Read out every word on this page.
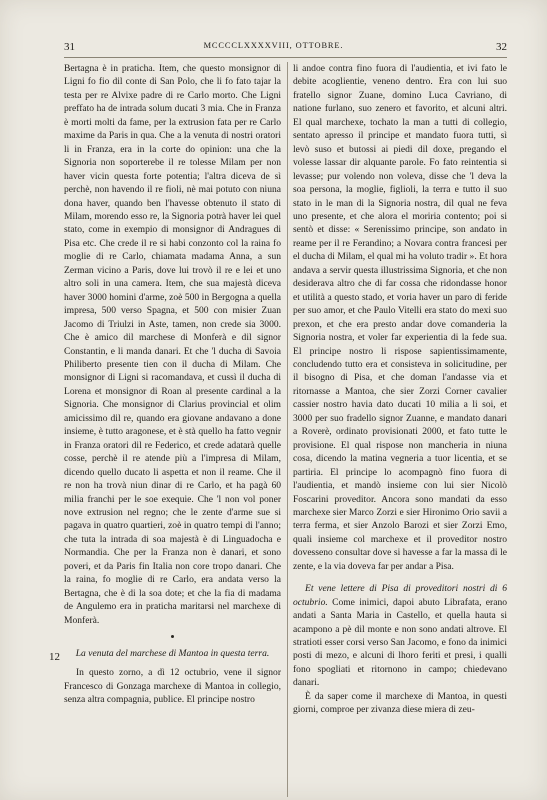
31	MCCCCLXXXXVIII, OTTOBRE.	32

Bertagna è in praticha. Item, che questo monsignor di Ligni fo fio dil conte di San Polo, che li fo fato tajar la testa per re Alvixe padre di re Carlo morto. Che Ligni preffato ha de intrada solum ducati 3 mia. Che in Franza è morti molti da fame, per la extrusion fata per re Carlo maxime da Paris in qua. Che a la venuta di nostri oratori li in Franza, era in la corte do opinion: una che la Signoria non soporterebe il re tolesse Milam per non haver vicin questa forte potentia; l'altra diceva de sì perchè, non havendo il re fioli, nè mai potuto con niuna dona haver, quando ben l'havesse obtenuto il stato di Milam, morendo esso re, la Signoria potrà haver lei quel stato, come in exempio di monsignor di Andragues di Pisa etc. Che crede il re si habi conzonto col la raina fo moglie di re Carlo, chiamata madama Anna, a sun Zerman vicino a Paris, dove lui trovò il re e lei et uno altro soli in una camera. Item, che sua majestà diceva haver 3000 homini d'arme, zoè 500 in Bergogna a quella impresa, 500 verso Spagna, et 500 con misier Zuan Jacomo di Triulzi in Aste, tamen, non crede sia 3000. Che è amico dil marchese di Monferà e dil signor Constantin, e li manda danari. Et che 'l ducha di Savoia Philiberto presente tien con il ducha di Milam. Che monsignor di Ligni si racomandava, et cussì il ducha di Lorena et monsignor di Roan al presente cardinal a la Signoria. Che monsignor di Clarius provincial et olim amicissimo dil re, quando era giovane andavano a done insieme, è tutto aragonese, et è stà quello ha fatto vegnir in Franza oratori dil re Federico, et crede adatarà quelle cosse, perchè il re atende più a l'impresa di Milam, dicendo quello ducato li aspetta et non il reame. Che il re non ha trovà niun dinar di re Carlo, et ha pagà 60 milia franchi per le soe exequie. Che 'l non vol poner nove extrusion nel regno; che le zente d'arme sue si pagava in quatro quartieri, zoè in quatro tempi di l'anno; che tuta la intrada di soa majestà è di Linguadocha e Normandia. Che per la Franza non è danari, et sono poveri, et da Paris fin Italia non core tropo danari. Che la raina, fo moglie di re Carlo, era andata verso la Bertagna, che è di la soa dote; et che la fia di madama de Angulemo era in praticha maritarsi nel marchexe di Monferà.

La venuta del marchese di Mantoa in questa terra.

In questo zorno, a dì 12 octubrio, vene il signor Francesco di Gonzaga marchexe di Mantoa in collegio, senza altra compagnia, publice. El principe nostro

12

li andoe contra fino fuora di l'audientia, et ivi fato le debite acoglientie, veneno dentro. Era con lui suo fratello signor Zuane, domino Luca Cavriano, di natione furlano, suo zenero et favorito, et alcuni altri. El qual marchexe, tochato la man a tutti di collegio, sentato apresso il principe et mandato fuora tutti, sì levò suso et butossi ai piedi dil doxe, pregando el volesse lassar dir alquante parole. Fo fato reintentia si levasse; pur volendo non voleva, disse che 'l deva la soa persona, la moglie, figlioli, la terra e tutto il suo stato in le man di la Signoria nostra, dil qual ne feva uno presente, et che alora el moriria contento; poi si sentò et disse: « Serenissimo principe, son andato in reame per il re Ferandino; a Novara contra francesi per el ducha di Milam, el qual mi ha voluto tradir ». Et hora andava a servir questa illustrissima Signoria, et che non desiderava altro che di far cossa che ridondasse honor et utilità a questo stado, et voria haver un paro di feride per suo amor, et che Paulo Vitelli era stato do mexi suo prexon, et che era presto andar dove comanderia la Signoria nostra, et voler far experientia di la fede sua. El principe nostro li rispose sapientissimamente, concludendo tutto era et consisteva in solicitudine, per il bisogno di Pisa, et che doman l'andasse via et ritornasse a Mantoa, che sier Zorzi Corner cavalier cassier nostro havia dato ducati 10 milia a li soi, et 3000 per suo fradello signor Zuanne, e mandato danari a Roverè, ordinato provisionati 2000, et fato tutte le provisione. El qual rispose non mancheria in niuna cosa, dicendo la matina vegneria a tuor licentia, et se partiria. El principe lo acompagnò fino fuora di l'audientia, et mandò insieme con lui sier Nicolò Foscarini proveditor. Ancora sono mandati da esso marchexe sier Marco Zorzi e sier Hironimo Orio savii a terra ferma, et sier Anzolo Barozi et sier Zorzi Emo, quali insieme col marchexe et il proveditor nostro dovesseno consultar dove si havesse a far la massa di le zente, e la via doveva far per andar a Pisa.

Et vene lettere di Pisa di proveditori nostri di 6 octubrio. Come inimici, dapoi abuto Librafata, erano andati a Santa Maria in Castello, et quella hauta si acampono a pè dil monte e non sono andati altrove. El stratioti esser corsi verso San Jacomo, e fono da inimici posti di mezo, e alcuni di lhoro feriti et presi, i qualli fono spogliati et ritornono in campo; chiedevano danari.

È da saper come il marchexe di Mantoa, in questi giorni, comproe per zivanza diese miera di zeu-
